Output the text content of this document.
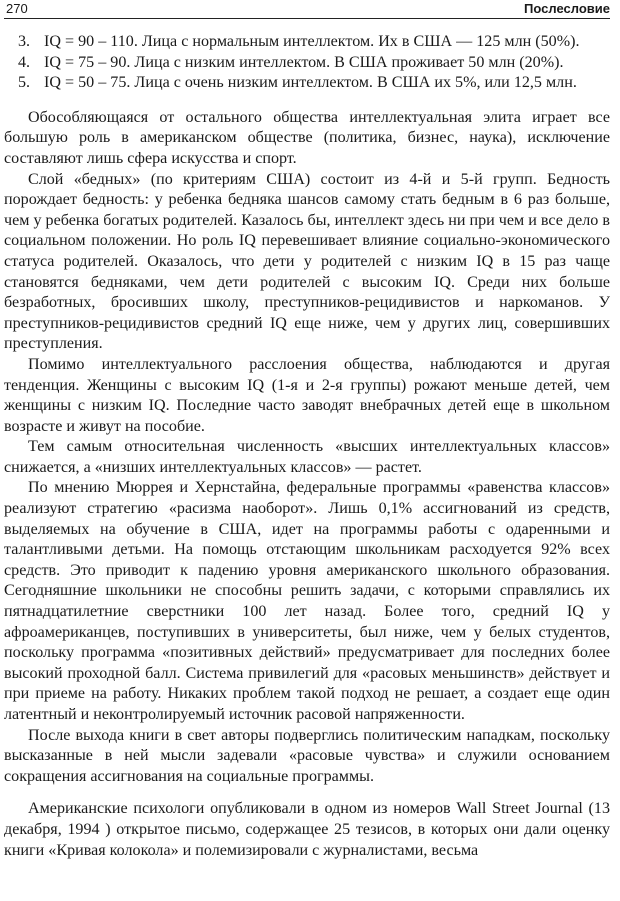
270	Послесловие
3. IQ = 90 – 110. Лица с нормальным интеллектом. Их в США — 125 млн (50%).
4. IQ = 75 – 90. Лица с низким интеллектом. В США проживает 50 млн (20%).
5. IQ = 50 – 75. Лица с очень низким интеллектом. В США их 5%, или 12,5 млн.

Обособляющаяся от остального общества интеллектуальная элита играет все большую роль в американском обществе (политика, бизнес, наука), исключение составляют лишь сфера искусства и спорт.

Слой «бедных» (по критериям США) состоит из 4-й и 5-й групп. Бедность порождает бедность: у ребенка бедняка шансов самому стать бедным в 6 раз больше, чем у ребенка богатых родителей. Казалось бы, интеллект здесь ни при чем и все дело в социальном положении. Но роль IQ перевешивает влияние социально-экономического статуса родителей. Оказалось, что дети у родителей с низким IQ в 15 раз чаще становятся бедняками, чем дети родителей с высоким IQ. Среди них больше безработных, бросивших школу, преступников-рецидивистов и наркоманов. У преступников-рецидивистов средний IQ еще ниже, чем у других лиц, совершивших преступления.

Помимо интеллектуального расслоения общества, наблюдаются и другая тенденция. Женщины с высоким IQ (1-я и 2-я группы) рожают меньше детей, чем женщины с низким IQ. Последние часто заводят внебрачных детей еще в школьном возрасте и живут на пособие.

Тем самым относительная численность «высших интеллектуальных классов» снижается, а «низших интеллектуальных классов» — растет.

По мнению Мюррея и Хернстайна, федеральные программы «равенства классов» реализуют стратегию «расизма наоборот». Лишь 0,1% ассигнований из средств, выделяемых на обучение в США, идет на программы работы с одаренными и талантливыми детьми. На помощь отстающим школьникам расходуется 92% всех средств. Это приводит к падению уровня американского школьного образования. Сегодняшние школьники не способны решить задачи, с которыми справлялись их пятнадцатилетние сверстники 100 лет назад. Более того, средний IQ у афроамериканцев, поступивших в университеты, был ниже, чем у белых студентов, поскольку программа «позитивных действий» предусматривает для последних более высокий проходной балл. Система привилегий для «расовых меньшинств» действует и при приеме на работу. Никаких проблем такой подход не решает, а создает еще один латентный и неконтролируемый источник расовой напряженности.

После выхода книги в свет авторы подверглись политическим нападкам, поскольку высказанные в ней мысли задевали «расовые чувства» и служили основанием сокращения ассигнования на социальные программы.

Американские психологи опубликовали в одном из номеров Wall Street Journal (13 декабря, 1994 ) открытое письмо, содержащее 25 тезисов, в которых они дали оценку книги «Кривая колокола» и полемизировали с журналистами, весьма
